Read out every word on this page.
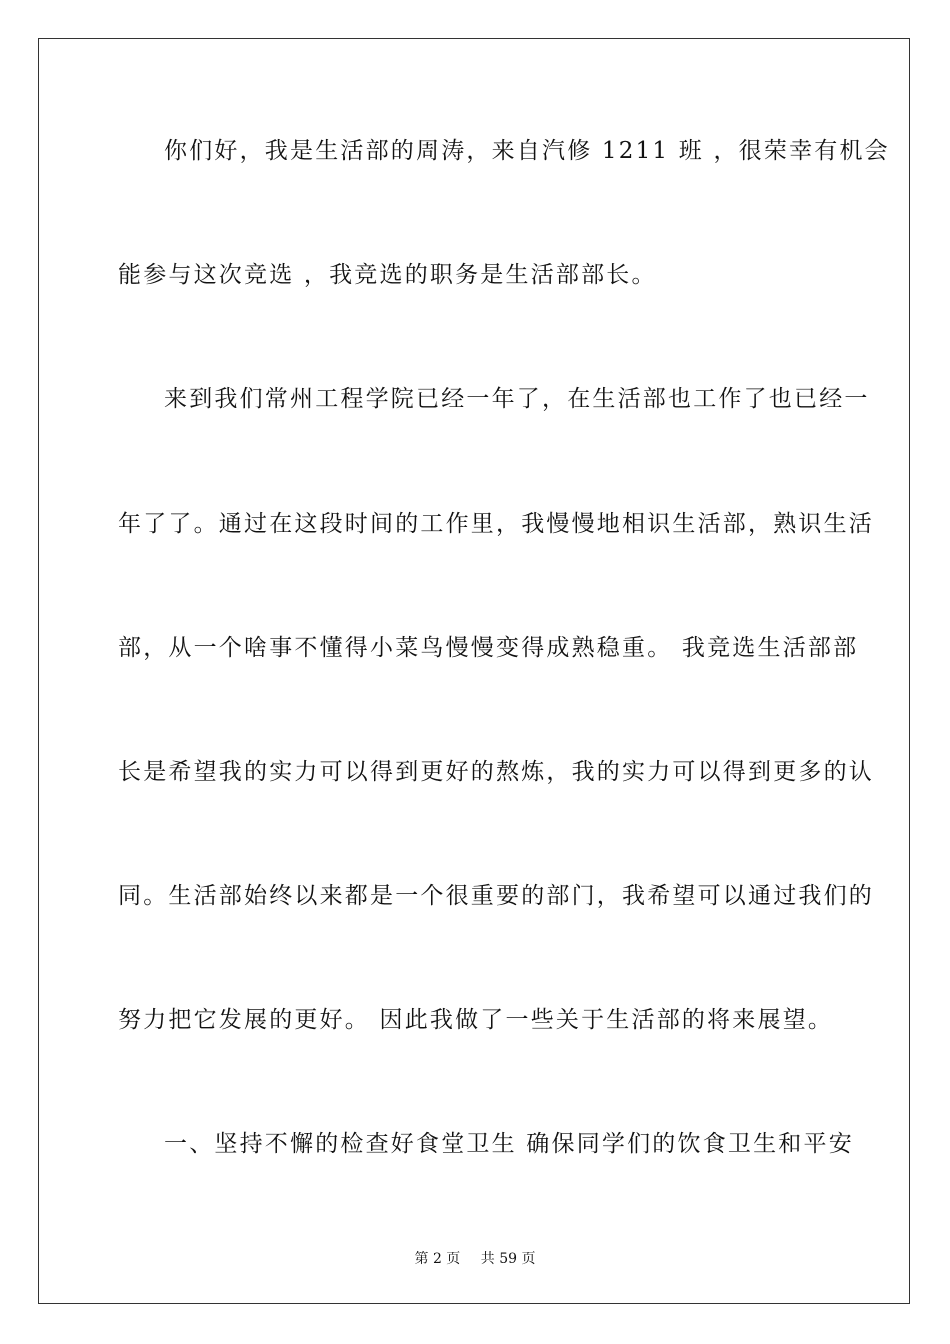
你们好，我是生活部的周涛，来自汽修 1211 班 ，很荣幸有机会
能参与这次竞选 ，我竞选的职务是生活部部长。
来到我们常州工程学院已经一年了，在生活部也工作了也已经一
年了了。通过在这段时间的工作里，我慢慢地相识生活部，熟识生活
部，从一个啥事不懂得小菜鸟慢慢变得成熟稳重。 我竞选生活部部
长是希望我的实力可以得到更好的熬炼，我的实力可以得到更多的认
同。生活部始终以来都是一个很重要的部门，我希望可以通过我们的
努力把它发展的更好。 因此我做了一些关于生活部的将来展望。
一、坚持不懈的检查好食堂卫生 确保同学们的饮食卫生和平安
第 2 页 共 59 页
